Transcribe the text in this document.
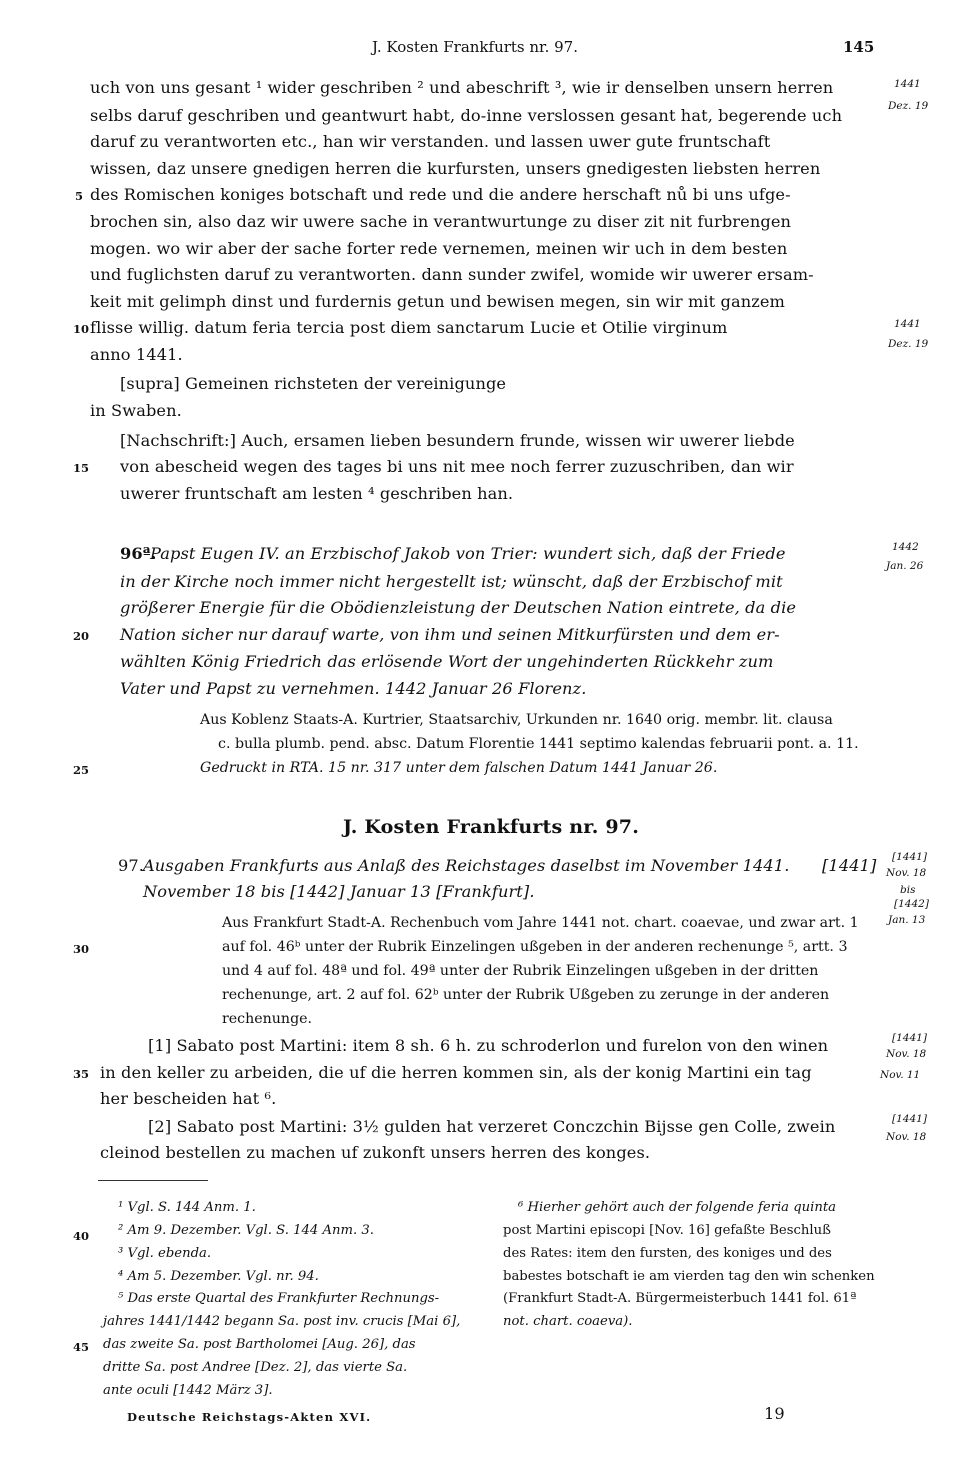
J. Kosten Frankfurts nr. 97.	145
uch von uns gesant ¹ wider geschriben ² und abeschrift ³, wie ir denselben unsern herren
selbs daruf geschriben und geantwurt habt, do-inne verslossen gesant hat, begerende uch
daruf zu verantworten etc., han wir verstanden. und lassen uwer gute fruntschaft
wissen, daz unsere gnedigen herren die kurfursten, unsers gnedigesten liebsten herren
des Romischen koniges botschaft und rede und die andere herschaft nů bi uns ufge-
brochen sin, also daz wir uwere sache in verantwurtunge zu diser zit nit furbrengen
mogen. wo wir aber der sache forter rede vernemen, meinen wir uch in dem besten
und fuglichsten daruf zu verantworten. dann sunder zwifel, womide wir uwerer ersam-
keit mit gelimph dinst und furdernis getun und bewisen megen, sin wir mit ganzem
flisse willig. datum feria tercia post diem sanctarum Lucie et Otilie virginum
anno 1441.
[supra] Gemeinen richsteten der vereinigunge
in Swaben.
[Nachschrift:] Auch, ersamen lieben besundern frunde, wissen wir uwerer liebde
von abescheid wegen des tages bi uns nit mee noch ferrer zuzuschriben, dan wir
uwerer fruntschaft am lesten ⁴ geschriben han.
96ª.
Papst Eugen IV. an Erzbischof Jakob von Trier: wundert sich, daß der Friede
in der Kirche noch immer nicht hergestellt ist; wünscht, daß der Erzbischof mit
größerer Energie für die Obödienzleistung der Deutschen Nation eintrete, da die
Nation sicher nur darauf warte, von ihm und seinen Mitkurfürsten und dem er-
wählten König Friedrich das erlösende Wort der ungehinderten Rückkehr zum
Vater und Papst zu vernehmen. 1442 Januar 26 Florenz.
Aus Koblenz Staats-A. Kurtrier, Staatsarchiv, Urkunden nr. 1640 orig. membr. lit. clausa
c. bulla plumb. pend. absc. Datum Florentie 1441 septimo kalendas februarii pont. a. 11.
Gedruckt in RTA. 15 nr. 317 unter dem falschen Datum 1441 Januar 26.
J. Kosten Frankfurts nr. 97.
97.
Ausgaben Frankfurts aus Anlaß des Reichstages daselbst im November 1441. [1441]
November 18 bis [1442] Januar 13 [Frankfurt].
Aus Frankfurt Stadt-A. Rechenbuch vom Jahre 1441 not. chart. coaevae, und zwar art. 1
auf fol. 46ᵇ unter der Rubrik Einzelingen ußgeben in der anderen rechenunge ⁵, artt. 3
und 4 auf fol. 48ª und fol. 49ª unter der Rubrik Einzelingen ußgeben in der dritten
rechenunge, art. 2 auf fol. 62ᵇ unter der Rubrik Ußgeben zu zerunge in der anderen
rechenunge.
[1] Sabato post Martini: item 8 sh. 6 h. zu schroderlon und furelon von den winen
in den keller zu arbeiden, die uf die herren kommen sin, als der konig Martini ein tag
her bescheiden hat ⁶.
[2] Sabato post Martini: 3½ gulden hat verzeret Conczchin Bijsse gen Colle, zwein
cleinod bestellen zu machen uf zukonft unsers herren des konges.
1441
Dez. 19
1441
Dez. 19
1442
Jan. 26
[1441]
Nov. 18
bis
[1442]
Jan. 13
[1441]
Nov. 18
Nov. 11
[1441]
Nov. 18
5
10
15
20
25
30
35
40
45
¹ Vgl. S. 144 Anm. 1.
² Am 9. Dezember. Vgl. S. 144 Anm. 3.
³ Vgl. ebenda.
⁴ Am 5. Dezember. Vgl. nr. 94.
⁵ Das erste Quartal des Frankfurter Rechnungs-
jahres 1441/1442 begann Sa. post inv. crucis [Mai 6],
das zweite Sa. post Bartholomei [Aug. 26], das
dritte Sa. post Andree [Dez. 2], das vierte Sa.
ante oculi [1442 März 3].
⁶ Hierher gehört auch der folgende feria quinta
post Martini episcopi [Nov. 16] gefaßte Beschluß
des Rates: item den fursten, des koniges und des
babestes botschaft ie am vierden tag den win schenken
(Frankfurt Stadt-A. Bürgermeisterbuch 1441 fol. 61ª
not. chart. coaeva).
Deutsche Reichstags-Akten XVI.	19
